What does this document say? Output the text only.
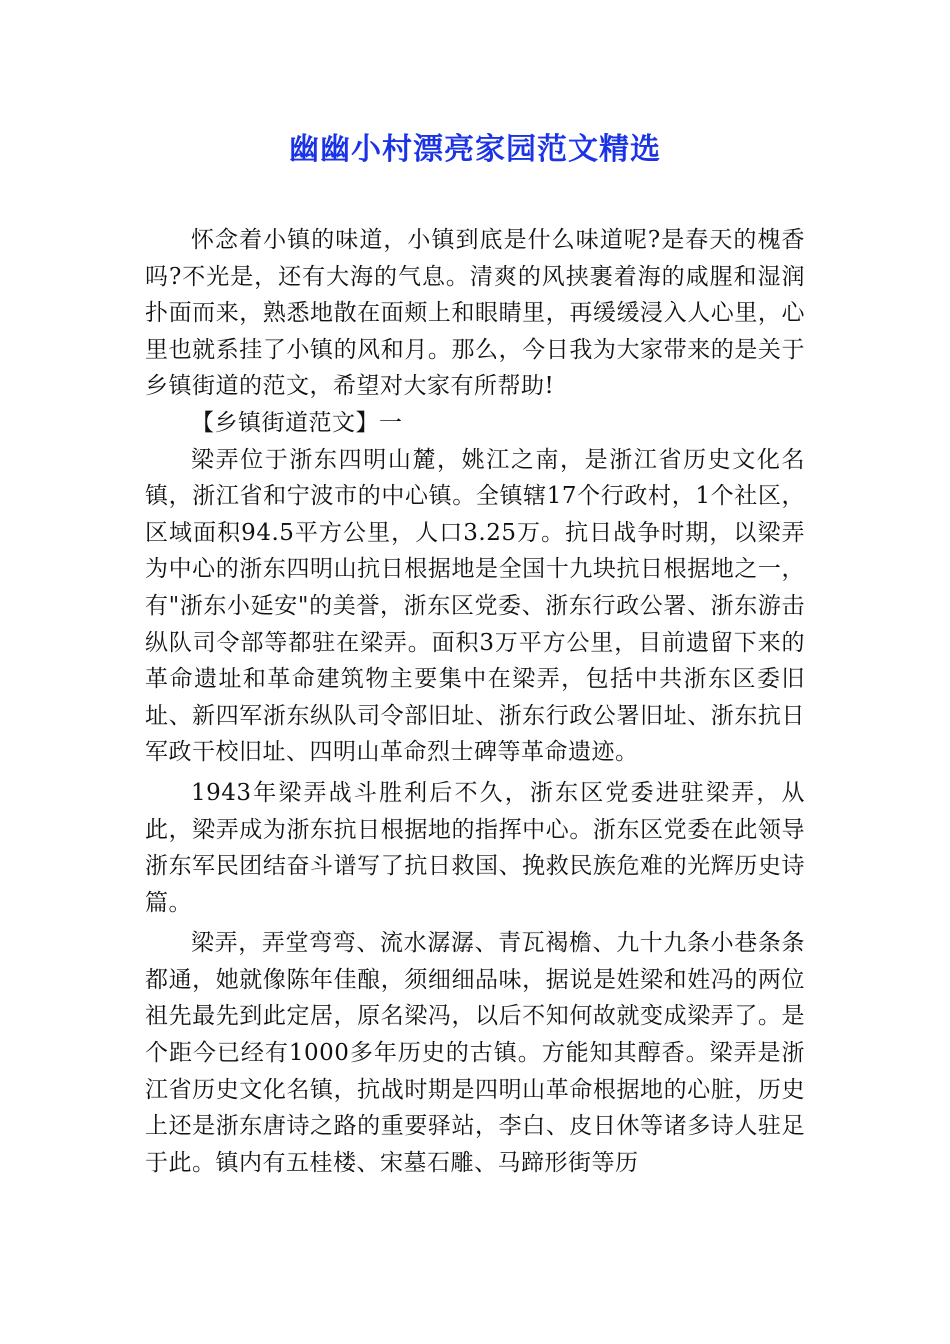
幽幽小村漂亮家园范文精选

怀念着小镇的味道，小镇到底是什么味道呢?是春天的槐香吗?不光是，还有大海的气息。清爽的风挟裹着海的咸腥和湿润扑面而来，熟悉地散在面颊上和眼睛里，再缓缓浸入人心里，心里也就系挂了小镇的风和月。那么，今日我为大家带来的是关于乡镇街道的范文，希望对大家有所帮助!

【乡镇街道范文】一

梁弄位于浙东四明山麓，姚江之南，是浙江省历史文化名镇，浙江省和宁波市的中心镇。全镇辖17个行政村，1个社区，区域面积94.5平方公里，人口3.25万。抗日战争时期，以梁弄为中心的浙东四明山抗日根据地是全国十九块抗日根据地之一，有"浙东小延安"的美誉，浙东区党委、浙东行政公署、浙东游击纵队司令部等都驻在梁弄。面积3万平方公里，目前遗留下来的革命遗址和革命建筑物主要集中在梁弄，包括中共浙东区委旧址、新四军浙东纵队司令部旧址、浙东行政公署旧址、浙东抗日军政干校旧址、四明山革命烈士碑等革命遗迹。

1943年梁弄战斗胜利后不久，浙东区党委进驻梁弄，从此，梁弄成为浙东抗日根据地的指挥中心。浙东区党委在此领导浙东军民团结奋斗谱写了抗日救国、挽救民族危难的光辉历史诗篇。

梁弄，弄堂弯弯、流水潺潺、青瓦褐檐、九十九条小巷条条都通，她就像陈年佳酿，须细细品味，据说是姓梁和姓冯的两位祖先最先到此定居，原名梁冯，以后不知何故就变成梁弄了。是个距今已经有1000多年历史的古镇。方能知其醇香。梁弄是浙江省历史文化名镇，抗战时期是四明山革命根据地的心脏，历史上还是浙东唐诗之路的重要驿站，李白、皮日休等诸多诗人驻足于此。镇内有五桂楼、宋墓石雕、马蹄形街等历
